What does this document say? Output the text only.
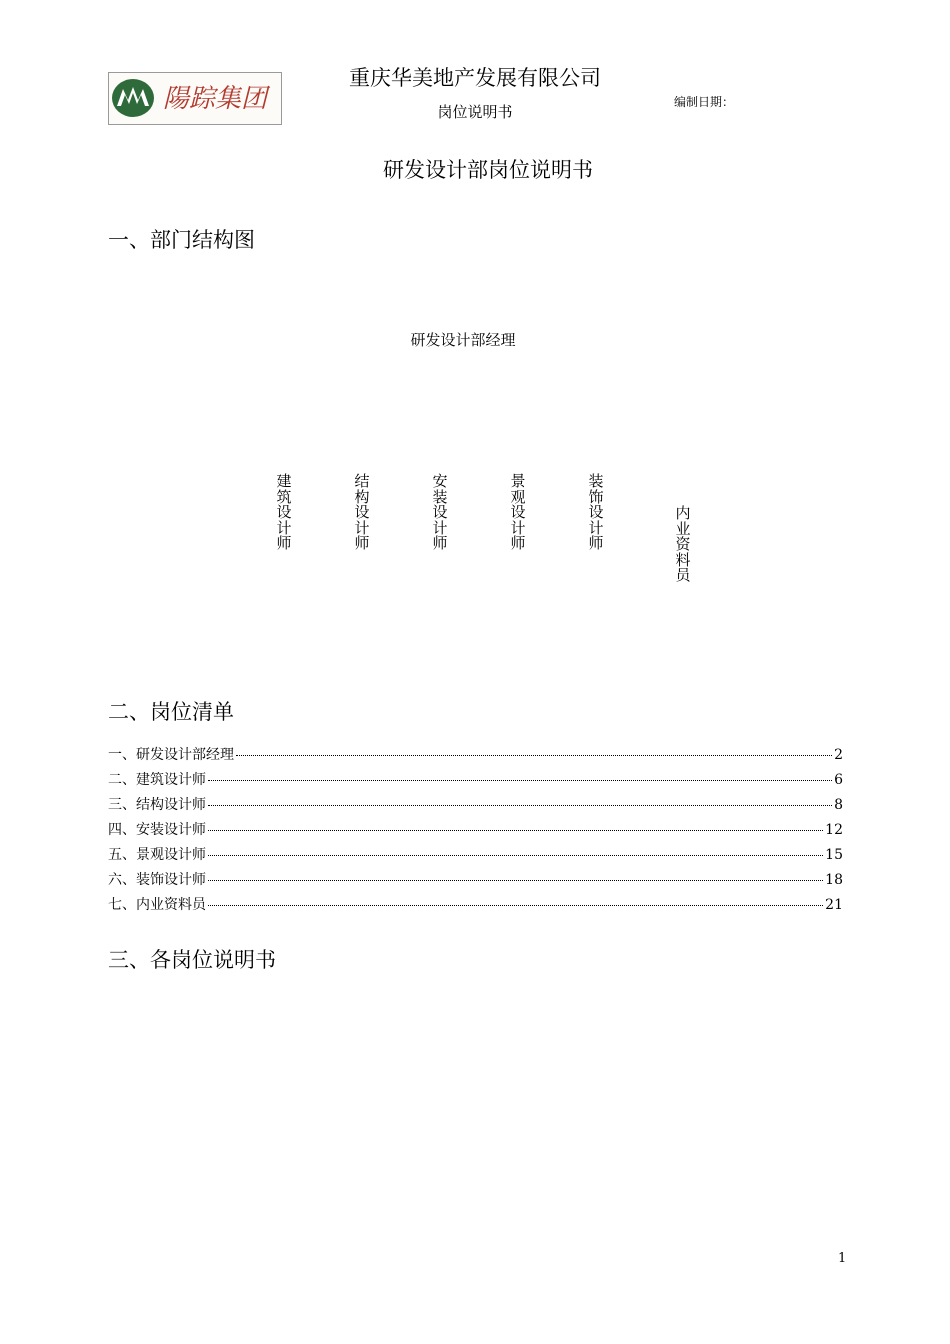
陽踪集团
重庆华美地产发展有限公司
岗位说明书
编制日期：
研发设计部岗位说明书
一、部门结构图
研发设计部经理
建筑设计师
结构设计师
安装设计师
景观设计师
装饰设计师
内业资料员
二、岗位清单
一、研发设计部经理	2
二、建筑设计师	6
三、结构设计师	8
四、安装设计师	12
五、景观设计师	15
六、装饰设计师	18
七、内业资料员	21
三、各岗位说明书
1
